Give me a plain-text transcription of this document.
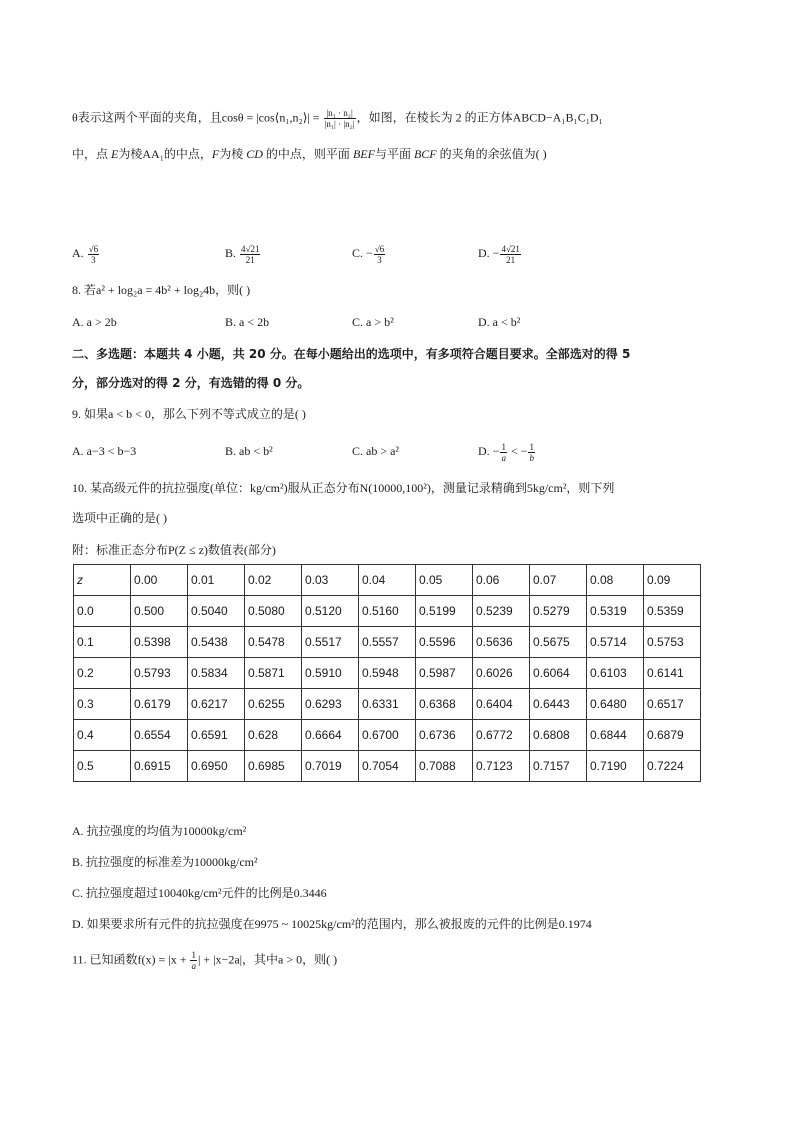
θ表示这两个平面的夹角，且cosθ = |cos⟨n₁,n₂⟩| = $\frac{\text{|n₁ · n₂|}}{\text{|n₁| · |n₂|}}$ ，如图，在棱长为 2 的正方体ABCD−A₁B₁C₁D₁
中，点 E为棱AA₁的中点，F为棱 CD 的中点，则平面 BEF与平面 BCF 的夹角的余弦值为( )
A. $\frac{√6}{3}$	B. $\frac{4√21}{21}$	C. − $\frac{√6}{3}$	D. − $\frac{4√21}{21}$
8. 若a² + log₂a = 4b² + log₂4b，则( )
A. a > 2b	B. a < 2b	C. a > b²	D. a < b²
二、多选题：本题共 4 小题，共 20 分。在每小题给出的选项中，有多项符合题目要求。全部选对的得 5
分，部分选对的得 2 分，有选错的得 0 分。
9. 如果a < b < 0，那么下列不等式成立的是( )
A. a−3 < b−3	B. ab < b²	C. ab > a²	D. − $\frac{1}{a}$ < − $\frac{1}{b}$
10. 某高级元件的抗拉强度(单位：kg/cm²)服从正态分布N(10000,100²)，测量记录精确到5kg/cm²，则下列
选项中正确的是( )
附：标准正态分布P(Z ≤ z)数值表(部分)
z	0.00	0.01	0.02	0.03	0.04	0.05	0.06	0.07	0.08	0.09
0.0	0.500	0.5040	0.5080	0.5120	0.5160	0.5199	0.5239	0.5279	0.5319	0.5359
0.1	0.5398	0.5438	0.5478	0.5517	0.5557	0.5596	0.5636	0.5675	0.5714	0.5753
0.2	0.5793	0.5834	0.5871	0.5910	0.5948	0.5987	0.6026	0.6064	0.6103	0.6141
0.3	0.6179	0.6217	0.6255	0.6293	0.6331	0.6368	0.6404	0.6443	0.6480	0.6517
0.4	0.6554	0.6591	0.628	0.6664	0.6700	0.6736	0.6772	0.6808	0.6844	0.6879
0.5	0.6915	0.6950	0.6985	0.7019	0.7054	0.7088	0.7123	0.7157	0.7190	0.7224
A. 抗拉强度的均值为10000kg/cm²
B. 抗拉强度的标准差为10000kg/cm²
C. 抗拉强度超过10040kg/cm²元件的比例是0.3446
D. 如果要求所有元件的抗拉强度在9975 ~ 10025kg/cm²的范围内，那么被报废的元件的比例是0.1974
11. 已知函数$f(x) = |x + \frac{1}{a}$ | + |x−2a|，其中a > 0，则( )
